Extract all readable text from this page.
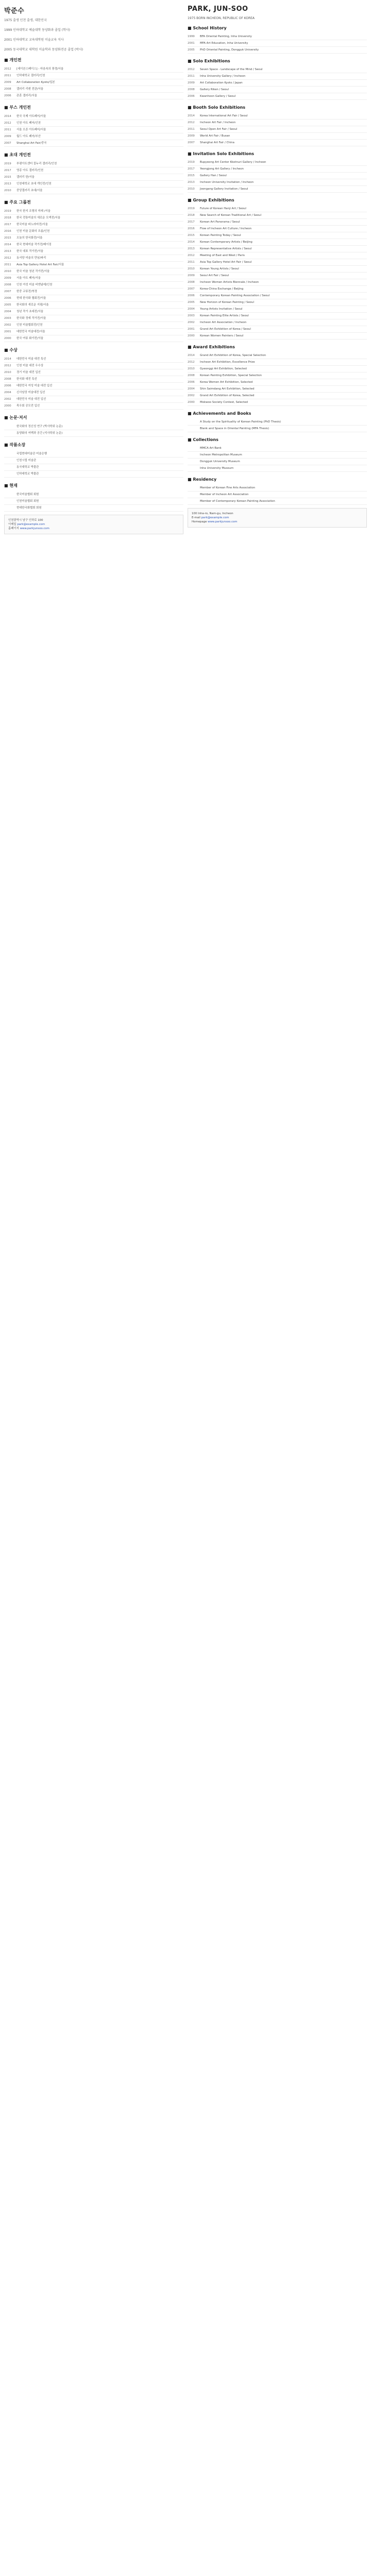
박준수
1975 출생 인천 출생, 대한민국
1999 인하대학교 예술대학 동양화과 졸업 (학사)
2001 인하대학교 교육대학원 미술교육 석사
2005 동국대학교 대학원 미술학과 동양화전공 졸업 (박사)
■ 개인전
2012	[세이븐스페이스] - 마음속의 풍경/서울
2011	인하대학교 갤러리/인천
2009	Art Collaboration Kyoto/일본
2008	갤러리 리켄 전관/서울
2006	관훈 갤러리/서울
■ 부스 개인전
2014	한국 국제 아트페어/서울
2012	인천 아트 페어/인천
2011	서울 오픈 아트페어/서울
2009	월드 아트 페어/부산
2007	Shanghai Art Fair/중국
■ 초대 개인전
2019	부평아트센터 꽃누리 갤러리/인천
2017	영종 아트 갤러리/인천
2015	갤러리 한/서울
2013	인천대학교 초대 개인전/인천
2010	중앙갤러리 초대/서울
■ 주요 그룹전
2019	한국 한지 조형의 미래 /서울
2018	한국 전통미술의 새로운 모색전/서울
2017	한국미술 파노라마전/서울
2016	인천 미술 문화의 흐름/인천
2015	오늘의 한국화전/서울
2014	한국 현대미술 작가전/베이징
2013	한국 대표 작가전/서울
2012	동서양 미술의 만남/파리
2011	Asia Top Gallery Hotel Art Fair/서울
2010	한국 미술 청년 작가전/서울
2009	서울 아트 페어/서울
2008	인천 여성 미술 비엔날레/인천
2007	한중 교류전/북경
2006	현대 한국화 협회전/서울
2005	한국화의 새로운 지평/서울
2004	청년 작가 초대전/서울
2003	한국화 정예 작가전/서울
2002	인천 미술협회전/인천
2001	대한민국 미술대전/서울
2000	한국 여류 화가전/서울
■ 수상
2014	대한민국 미술 대전 특선
2012	인천 미술 대전 우수상
2010	경기 미술 대전 입선
2008	한국화 대전 특선
2006	대한민국 여성 미술 대전 입선
2004	신사임당 미술대전 입선
2002	대한민국 미술 대전 입선
2000	목우회 공모전 입선
■ 논문·저서
한국화의 정신성 연구 (박사학위 논문)
동양화의 여백과 공간 (석사학위 논문)
■ 작품소장
국립현대미술관 미술은행
인천시립 미술관
동국대학교 박물관
인하대학교 박물관
■ 현재
한국미술협회 회원
인천미술협회 회원
현대한국화협회 회원
인천광역시 남구 인하로 100
이메일 park@example.com
홈페이지 www.parkjunsoo.com
PARK, JUN-SOO
1975 BORN INCHEON, REPUBLIC OF KOREA
■ School History
1999	BFA Oriental Painting, Inha University
2001	MFA Art Education, Inha University
2005	PhD Oriental Painting, Dongguk University
■ Solo Exhibitions
2012	Seven Space - Landscape of the Mind / Seoul
2011	Inha University Gallery / Incheon
2009	Art Collaboration Kyoto / Japan
2008	Gallery Riken / Seoul
2006	Kwanhoon Gallery / Seoul
■ Booth Solo Exhibitions
2014	Korea International Art Fair / Seoul
2012	Incheon Art Fair / Incheon
2011	Seoul Open Art Fair / Seoul
2009	World Art Fair / Busan
2007	Shanghai Art Fair / China
■ Invitation Solo Exhibitions
2019	Bupyeong Art Center Kkotnuri Gallery / Incheon
2017	Yeongjong Art Gallery / Incheon
2015	Gallery Han / Seoul
2013	Incheon University Invitation / Incheon
2010	Joongang Gallery Invitation / Seoul
■ Group Exhibitions
2019	Future of Korean Hanji Art / Seoul
2018	New Search of Korean Traditional Art / Seoul
2017	Korean Art Panorama / Seoul
2016	Flow of Incheon Art Culture / Incheon
2015	Korean Painting Today / Seoul
2014	Korean Contemporary Artists / Beijing
2013	Korean Representative Artists / Seoul
2012	Meeting of East and West / Paris
2011	Asia Top Gallery Hotel Art Fair / Seoul
2010	Korean Young Artists / Seoul
2009	Seoul Art Fair / Seoul
2008	Incheon Women Artists Biennale / Incheon
2007	Korea-China Exchange / Beijing
2006	Contemporary Korean Painting Association / Seoul
2005	New Horizon of Korean Painting / Seoul
2004	Young Artists Invitation / Seoul
2003	Korean Painting Elite Artists / Seoul
2002	Incheon Art Association / Incheon
2001	Grand Art Exhibition of Korea / Seoul
2000	Korean Women Painters / Seoul
■ Award Exhibitions
2014	Grand Art Exhibition of Korea, Special Selection
2012	Incheon Art Exhibition, Excellence Prize
2010	Gyeonggi Art Exhibition, Selected
2008	Korean Painting Exhibition, Special Selection
2006	Korea Women Art Exhibition, Selected
2004	Shin Saimdang Art Exhibition, Selected
2002	Grand Art Exhibition of Korea, Selected
2000	Mokwoo Society Contest, Selected
■ Achievements and Books
A Study on the Spirituality of Korean Painting (PhD Thesis)
Blank and Space in Oriental Painting (MFA Thesis)
■ Collections
MMCA Art Bank
Incheon Metropolitan Museum
Dongguk University Museum
Inha University Museum
■ Residency
Member of Korean Fine Arts Association
Member of Incheon Art Association
Member of Contemporary Korean Painting Association
100 Inha-ro, Nam-gu, Incheon
E-mail park@example.com
Homepage www.parkjunsoo.com
